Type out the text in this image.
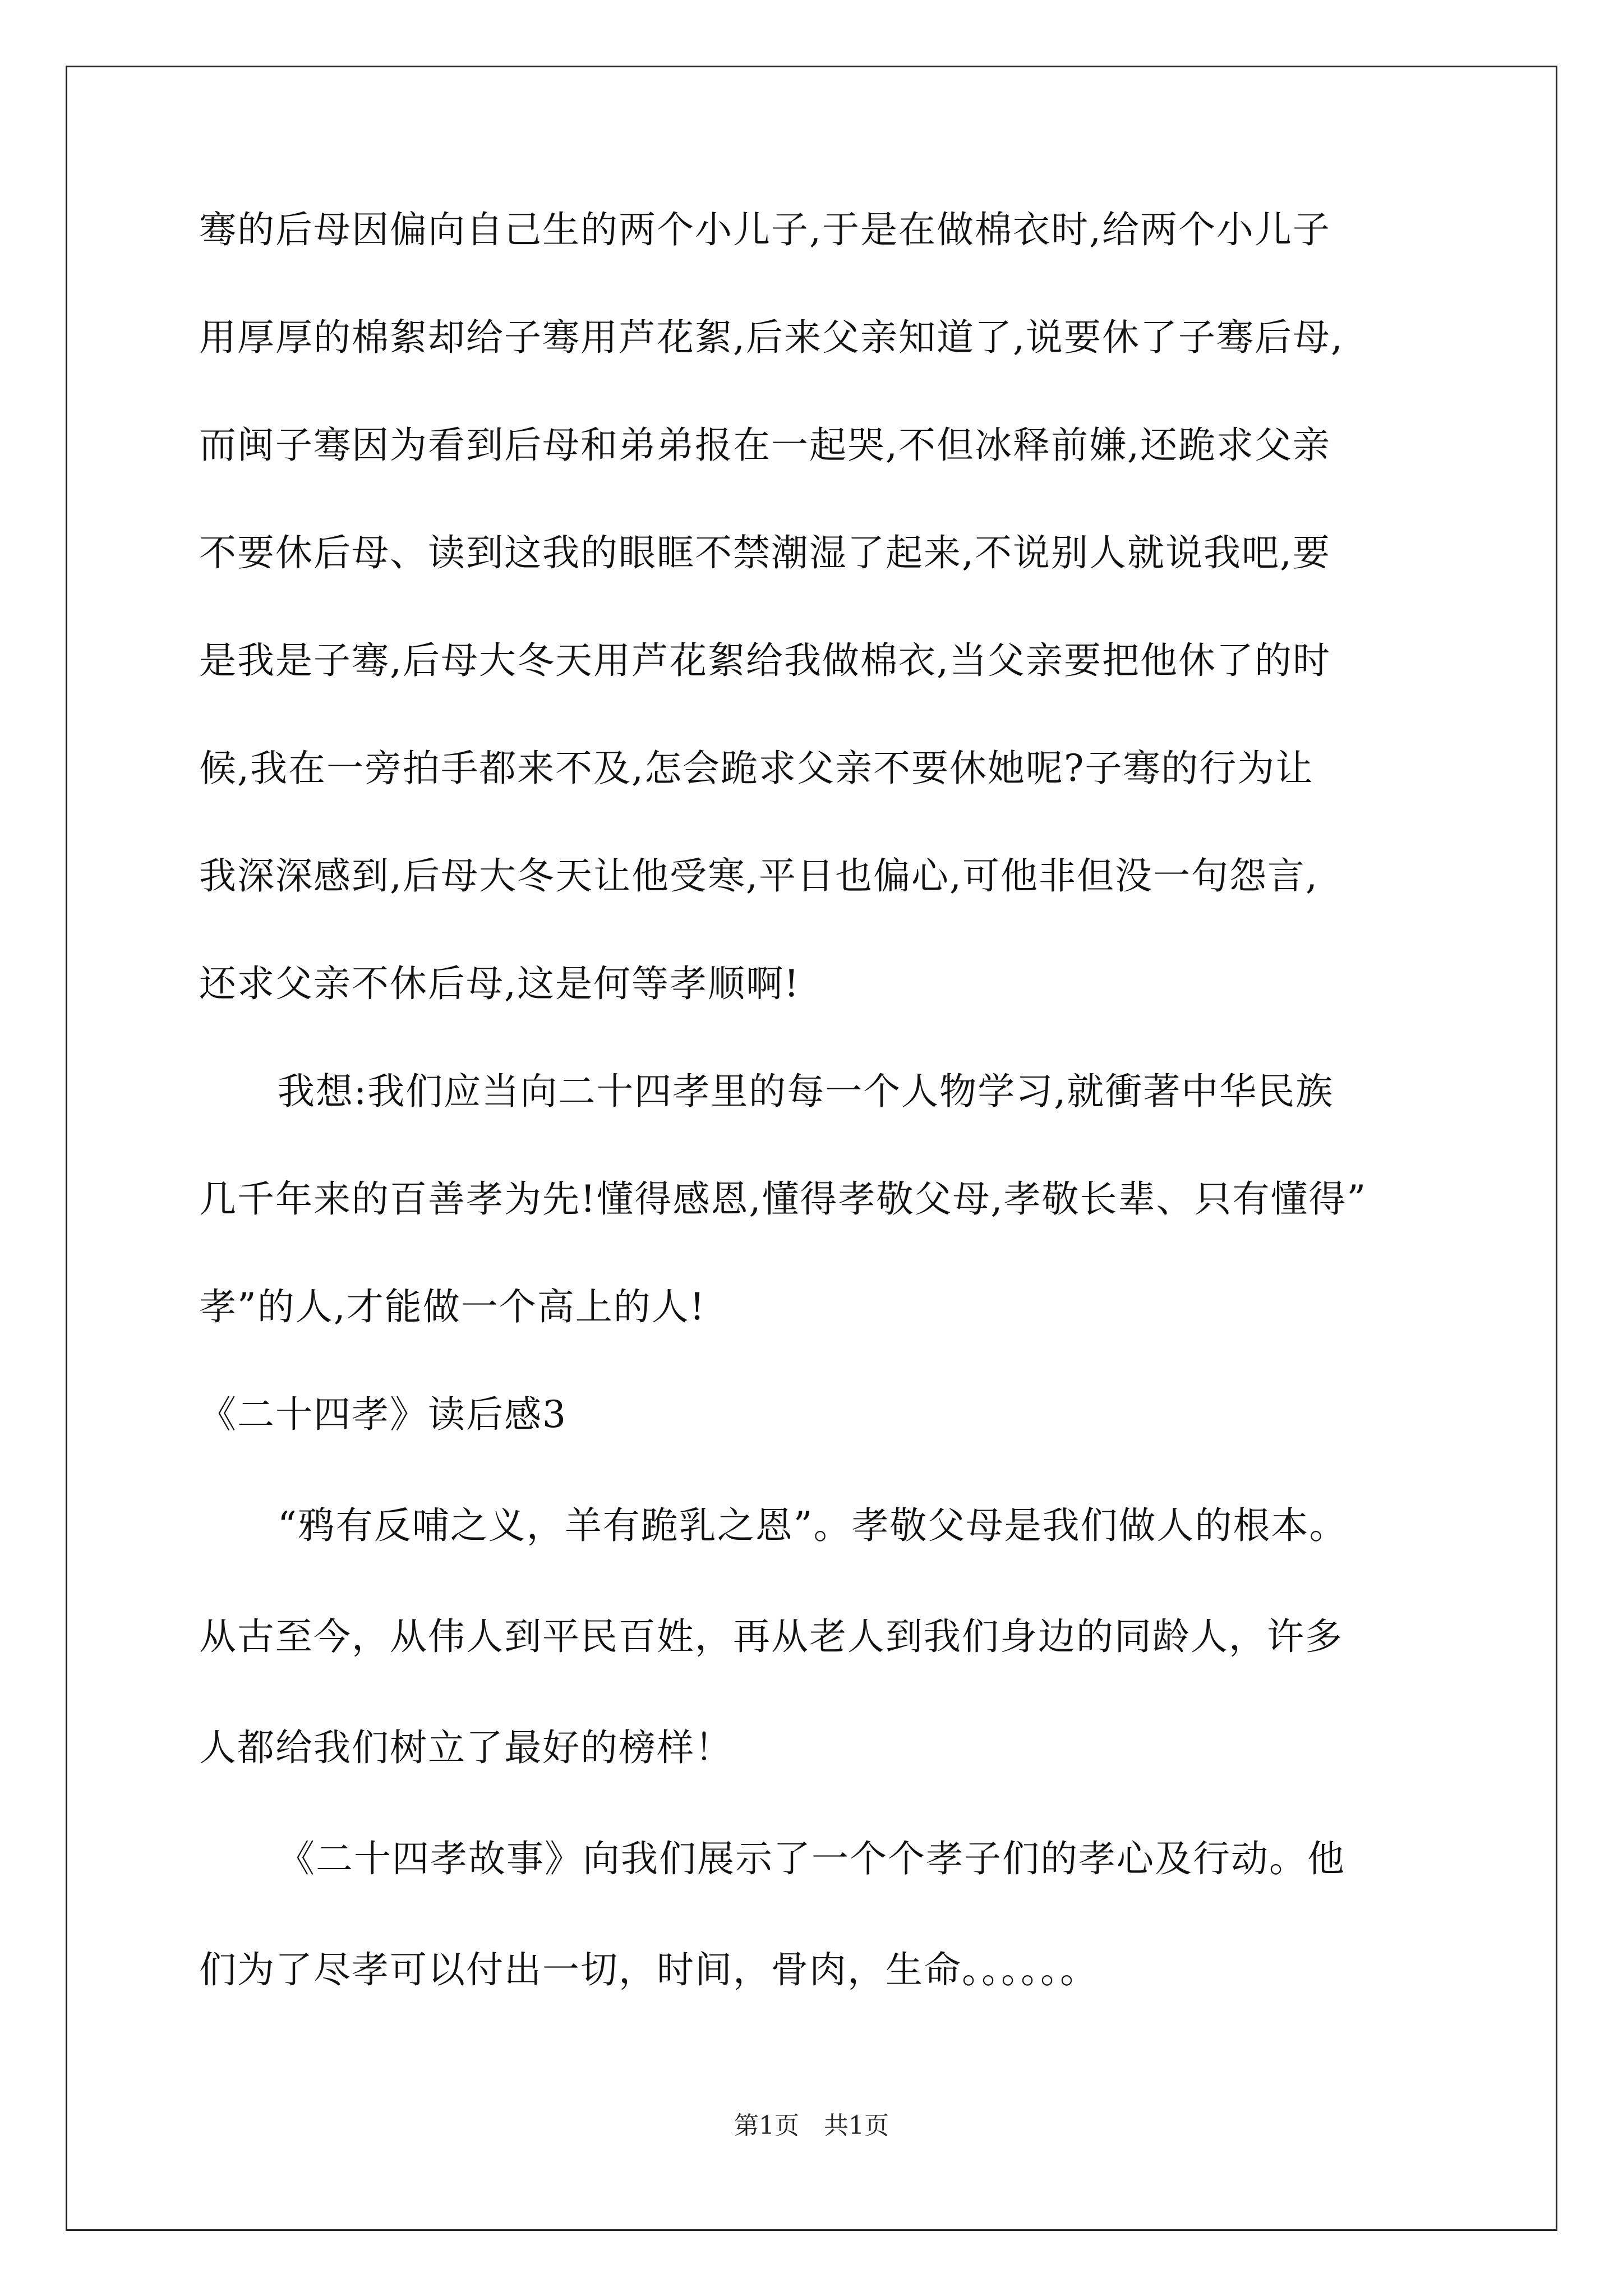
骞的后母因偏向自己生的两个小儿子,于是在做棉衣时,给两个小儿子
用厚厚的棉絮却给子骞用芦花絮,后来父亲知道了,说要休了子骞后母,
而闽子骞因为看到后母和弟弟报在一起哭,不但冰释前嫌,还跪求父亲
不要休后母、读到这我的眼眶不禁潮湿了起来,不说别人就说我吧,要
是我是子骞,后母大冬天用芦花絮给我做棉衣,当父亲要把他休了的时
候,我在一旁拍手都来不及,怎会跪求父亲不要休她呢?子骞的行为让
我深深感到,后母大冬天让他受寒,平日也偏心,可他非但没一句怨言,
还求父亲不休后母,这是何等孝顺啊!
我想:我们应当向二十四孝里的每一个人物学习,就衝著中华民族
几千年来的百善孝为先!懂得感恩,懂得孝敬父母,孝敬长辈、只有懂得”
孝”的人,才能做一个高上的人!
《二十四孝》读后感3
“鸦有反哺之义，羊有跪乳之恩”。孝敬父母是我们做人的根本。
从古至今，从伟人到平民百姓，再从老人到我们身边的同龄人，许多
人都给我们树立了最好的榜样！
《二十四孝故事》向我们展示了一个个孝子们的孝心及行动。他
们为了尽孝可以付出一切，时间，骨肉，生命。。。。。。
第1页　共1页
